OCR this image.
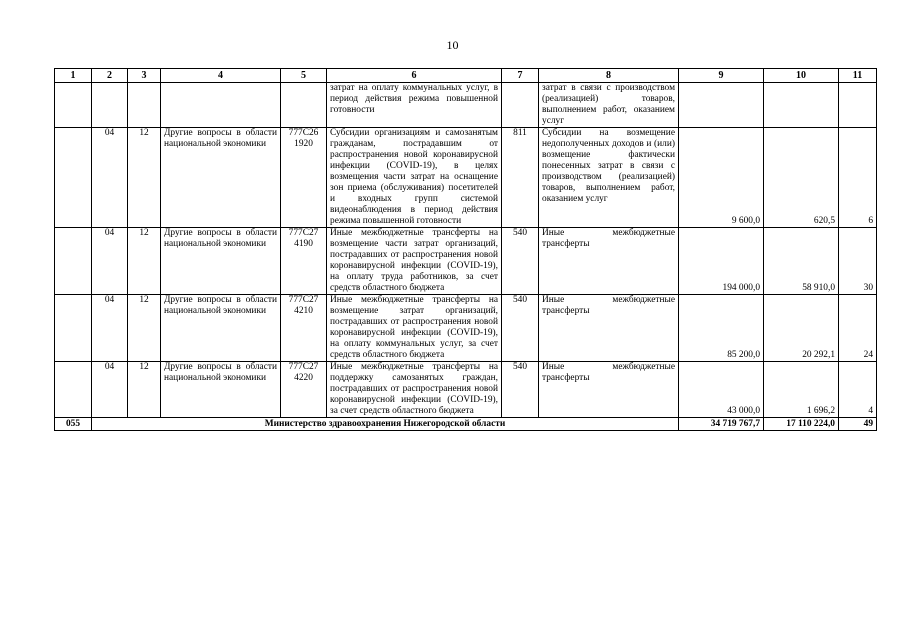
10
1	2	3	4	5	6	7	8	9	10	11
					затрат на оплату коммунальных услуг, в период действия режима повышенной готовности		затрат в связи с производством (реализацией) товаров, выполнением работ, оказанием услуг			
	04	12	Другие вопросы в области национальной экономики	777С26 1920	Субсидии организациям и самозанятым гражданам, пострадавшим от распространения новой коронавирусной инфекции (COVID-19), в целях возмещения части затрат на оснащение зон приема (обслуживания) посетителей и входных групп системой видеонаблюдения в период действия режима повышенной готовности	811	Субсидии на возмещение недополученных доходов и (или) возмещение фактически понесенных затрат в связи с производством (реализацией) товаров, выполнением работ, оказанием услуг	9 600,0	620,5	6
	04	12	Другие вопросы в области национальной экономики	777С27 4190	Иные межбюджетные трансферты на возмещение части затрат организаций, пострадавших от распространения новой коронавирусной инфекции (COVID-19), на оплату труда работников, за счет средств областного бюджета	540	Иные межбюджетные трансферты	194 000,0	58 910,0	30
	04	12	Другие вопросы в области национальной экономики	777С27 4210	Иные межбюджетные трансферты на возмещение затрат организаций, пострадавших от распространения новой коронавирусной инфекции (COVID-19), на оплату коммунальных услуг, за счет средств областного бюджета	540	Иные межбюджетные трансферты	85 200,0	20 292,1	24
	04	12	Другие вопросы в области национальной экономики	777С27 4220	Иные межбюджетные трансферты на поддержку самозанятых граждан, пострадавших от распространения новой коронавирусной инфекции (COVID-19), за счет средств областного бюджета	540	Иные межбюджетные трансферты	43 000,0	1 696,2	4
055	Министерство здравоохранения Нижегородской области							34 719 767,7	17 110 224,0	49
